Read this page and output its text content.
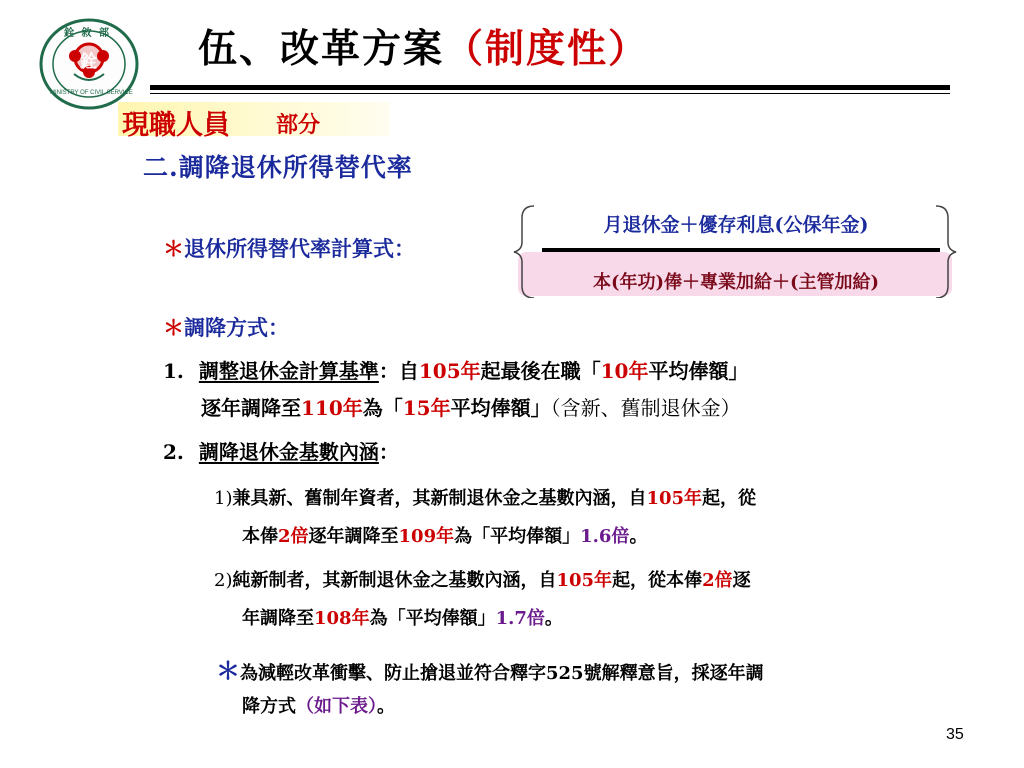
銓 敘 部
銓
MINISTRY OF CIVIL SERVICE
伍、改革方案（制度性）
現職人員 部分
二.調降退休所得替代率
＊退休所得替代率計算式：
月退休金＋優存利息(公保年金)
本(年功)俸＋專業加給＋(主管加給)
＊調降方式：
1. 調整退休金計算基準：自105年起最後在職「10年平均俸額」
逐年調降至110年為「15年平均俸額」（含新、舊制退休金）
2. 調降退休金基數內涵：
1)兼具新、舊制年資者，其新制退休金之基數內涵，自105年起，從
本俸2倍逐年調降至109年為「平均俸額」1.6倍。
2)純新制者，其新制退休金之基數內涵，自105年起，從本俸2倍逐
年調降至108年為「平均俸額」1.7倍。
＊為減輕改革衝擊、防止搶退並符合釋字525號解釋意旨，採逐年調
降方式（如下表）。
35
